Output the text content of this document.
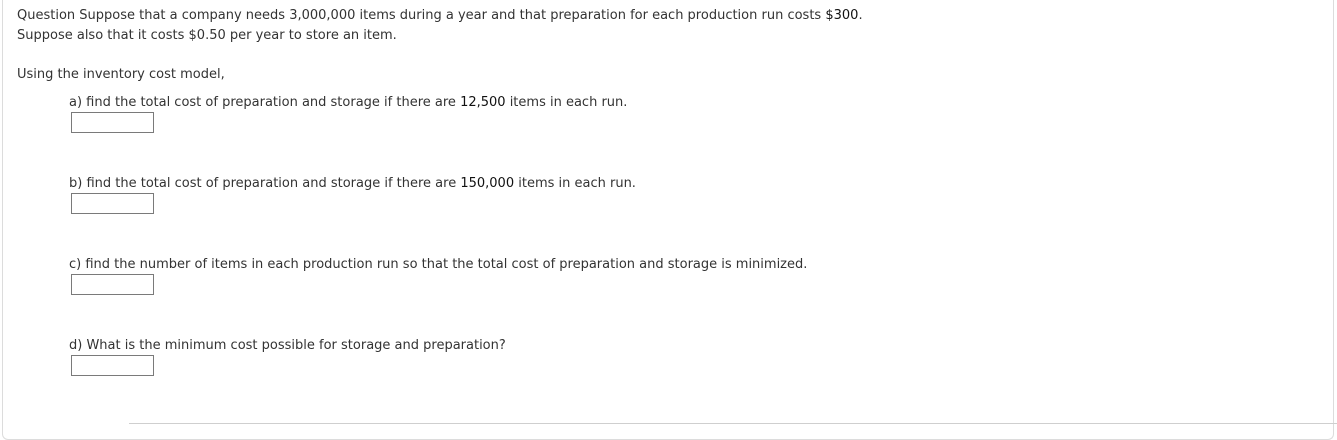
Question Suppose that a company needs 3,000,000 items during a year and that preparation for each production run costs $300.
Suppose also that it costs $0.50 per year to store an item.
Using the inventory cost model,
a) find the total cost of preparation and storage if there are 12,500 items in each run.
b) find the total cost of preparation and storage if there are 150,000 items in each run.
c) find the number of items in each production run so that the total cost of preparation and storage is minimized.
d) What is the minimum cost possible for storage and preparation?
